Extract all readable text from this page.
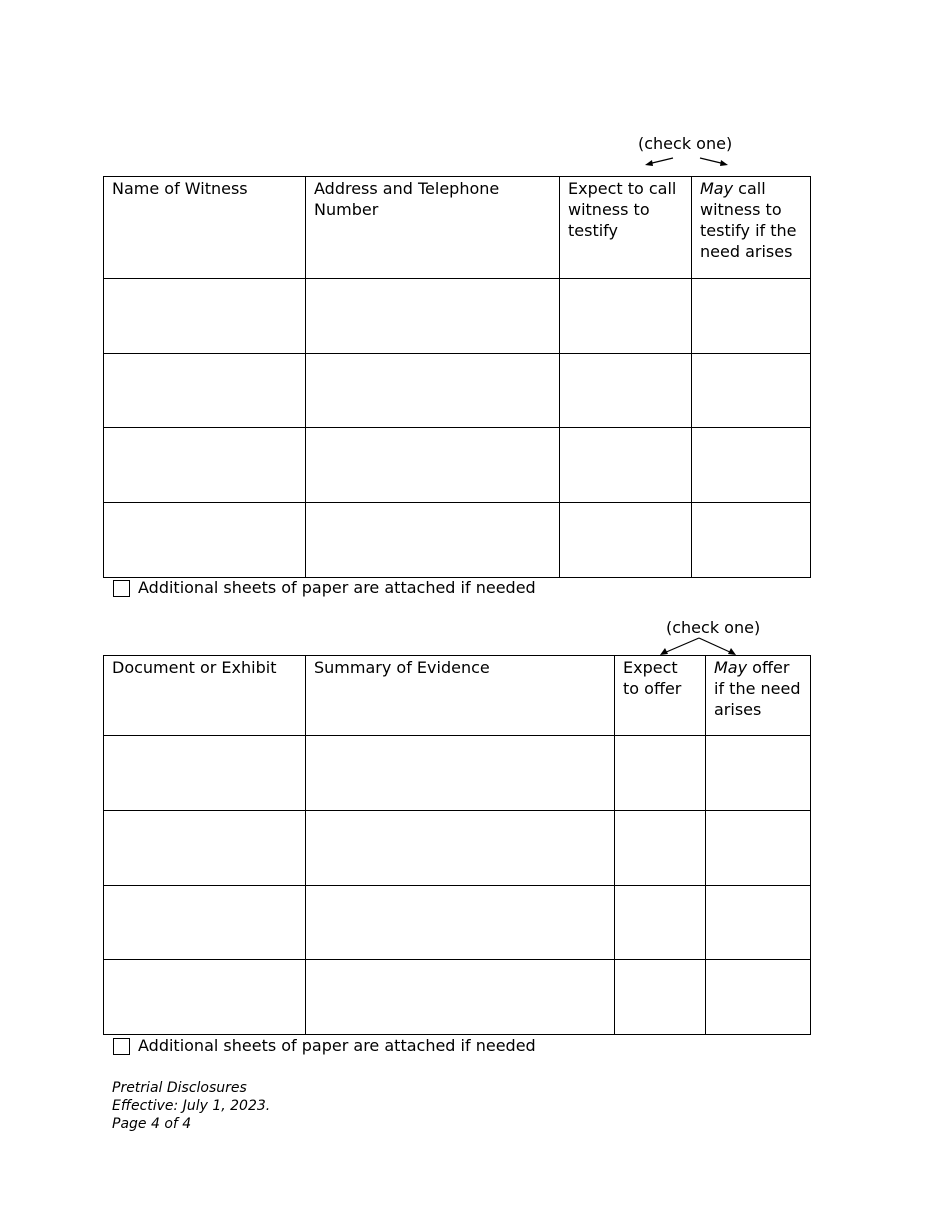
(check one)
Name of Witness	Address and Telephone Number	Expect to call witness to testify	May call witness to testify if the need arises

Additional sheets of paper are attached if needed
(check one)
Document or Exhibit	Summary of Evidence	Expect to offer	May offer if the need arises

Additional sheets of paper are attached if needed
Pretrial Disclosures
Effective: July 1, 2023.
Page 4 of 4
